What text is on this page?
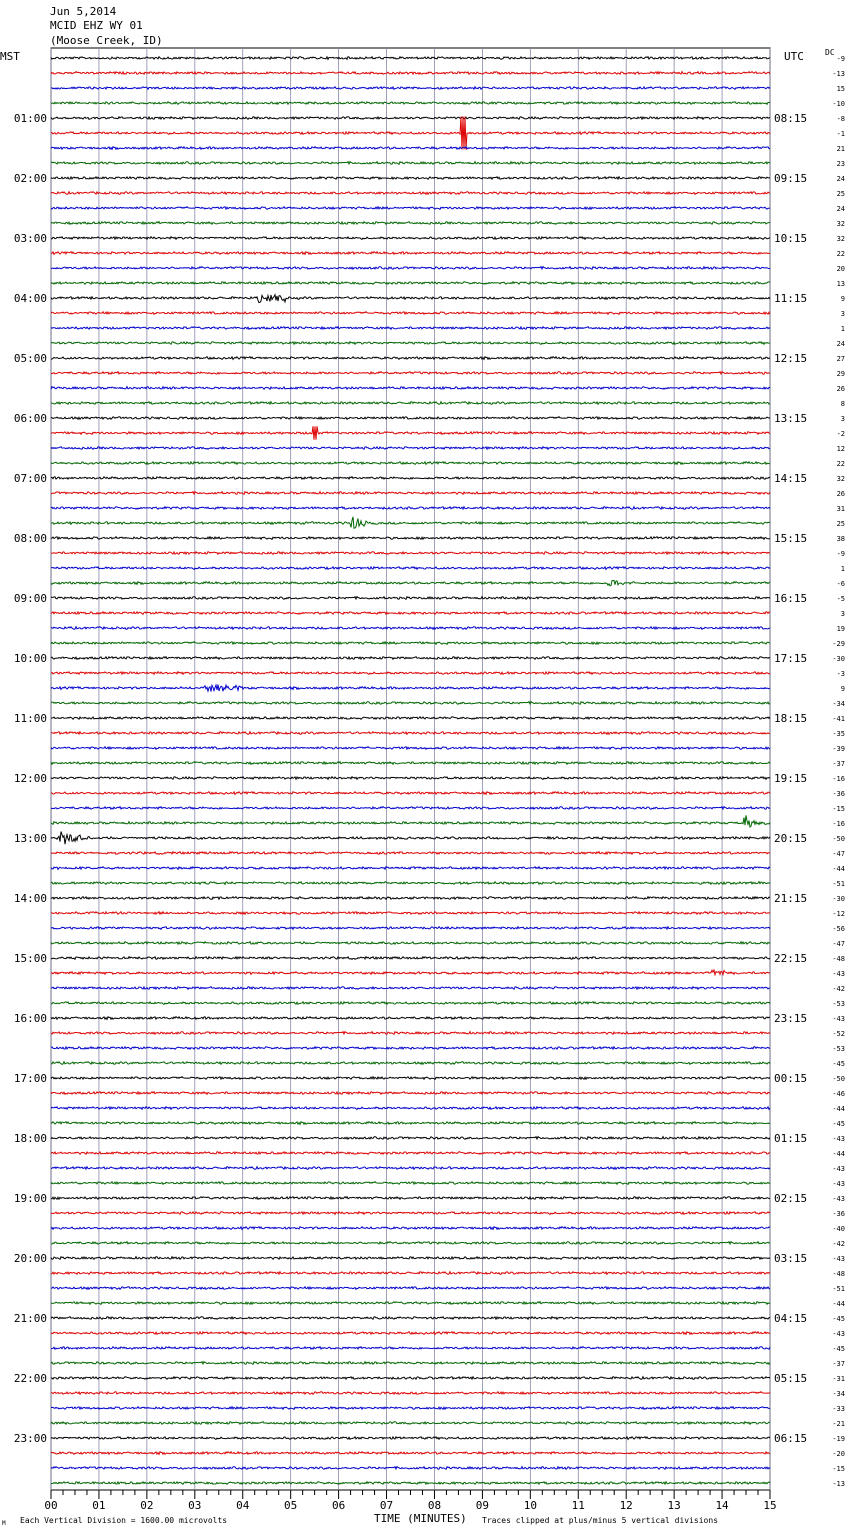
Jun 5,2014
MCID EHZ WY 01
(Moose Creek, ID)
MST	UTC	DC
00	01	02	03	04	05	06	07	08	09	10	11	12	13	14	15
-9
-13
15
-10
-8
-1
21
23
24
25
24
32
32
22
20
13
9
3
1
24
27
29
26
8
3
-2
12
22
32
26
31
25
38
-9
1
-6
-5
3
19
-29
-30
-3
9
-34
-41
-35
-39
-37
-16
-36
-15
-16
-50
-47
-44
-51
-30
-12
-56
-47
-48
-43
-42
-53
-43
-52
-53
-45
-50
-46
-44
-45
-43
-44
-43
-43
-43
-36
-40
-42
-43
-48
-51
-44
-45
-43
-45
-37
-31
-34
-33
-21
-19
-20
-15
-13
01:00	08:15
02:00	09:15
03:00	10:15
04:00	11:15
05:00	12:15
06:00	13:15
07:00	14:15
08:00	15:15
09:00	16:15
10:00	17:15
11:00	18:15
12:00	19:15
13:00	20:15
14:00	21:15
15:00	22:15
16:00	23:15
17:00	00:15
18:00	01:15
19:00	02:15
20:00	03:15
21:00	04:15
22:00	05:15
23:00	06:15
M Each Vertical Division = 1600.00 microvolts	TIME (MINUTES) Traces clipped at plus/minus 5 vertical divisions
